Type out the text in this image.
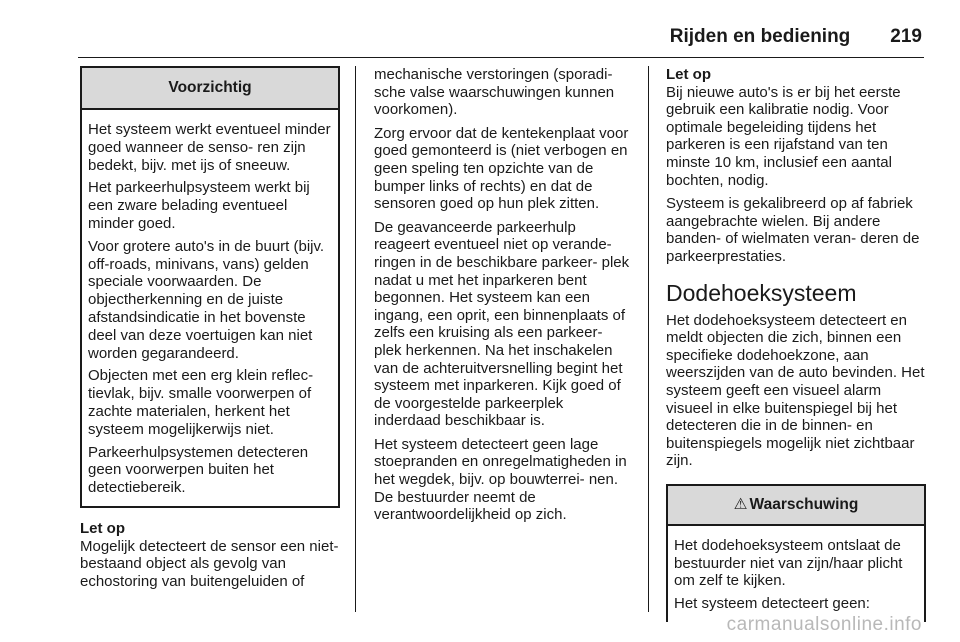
Rijden en bediening 219
Voorzichtig

Het systeem werkt eventueel minder goed wanneer de senso- ren zijn bedekt, bijv. met ijs of sneeuw.

Het parkeerhulpsysteem werkt bij een zware belading eventueel minder goed.

Voor grotere auto's in de buurt (bijv. off-roads, minivans, vans) gelden speciale voorwaarden. De objectherkenning en de juiste afstandsindicatie in het bovenste deel van deze voertuigen kan niet worden gegarandeerd.

Objecten met een erg klein reflec- tievlak, bijv. smalle voorwerpen of zachte materialen, herkent het systeem mogelijkerwijs niet.

Parkeerhulpsystemen detecteren geen voorwerpen buiten het detectiebereik.

Let op

Mogelijk detecteert de sensor een niet-bestaand object als gevolg van echostoring van buitengeluiden of

mechanische verstoringen (sporadi- sche valse waarschuwingen kunnen voorkomen).

Zorg ervoor dat de kentekenplaat voor goed gemonteerd is (niet verbogen en geen speling ten opzichte van de bumper links of rechts) en dat de sensoren goed op hun plek zitten.

De geavanceerde parkeerhulp reageert eventueel niet op verande- ringen in de beschikbare parkeer- plek nadat u met het inparkeren bent begonnen. Het systeem kan een ingang, een oprit, een binnenplaats of zelfs een kruising als een parkeer- plek herkennen. Na het inschakelen van de achteruitversnelling begint het systeem met inparkeren. Kijk goed of de voorgestelde parkeerplek inderdaad beschikbaar is.

Het systeem detecteert geen lage stoepranden en onregelmatigheden in het wegdek, bijv. op bouwterrei- nen. De bestuurder neemt de verantwoordelijkheid op zich.

Let op

Bij nieuwe auto's is er bij het eerste gebruik een kalibratie nodig. Voor optimale begeleiding tijdens het parkeren is een rijafstand van ten minste 10 km, inclusief een aantal bochten, nodig.

Systeem is gekalibreerd op af fabriek aangebrachte wielen. Bij andere banden- of wielmaten veran- deren de parkeerprestaties.

Dodehoeksysteem

Het dodehoeksysteem detecteert en meldt objecten die zich, binnen een specifieke dodehoekzone, aan weerszijden van de auto bevinden. Het systeem geeft een visueel alarm visueel in elke buitenspiegel bij het detecteren die in de binnen- en buitenspiegels mogelijk niet zichtbaar zijn.

⚠ Waarschuwing

Het dodehoeksysteem ontslaat de bestuurder niet van zijn/haar plicht om zelf te kijken.

Het systeem detecteert geen:

carmanualsonline.info
